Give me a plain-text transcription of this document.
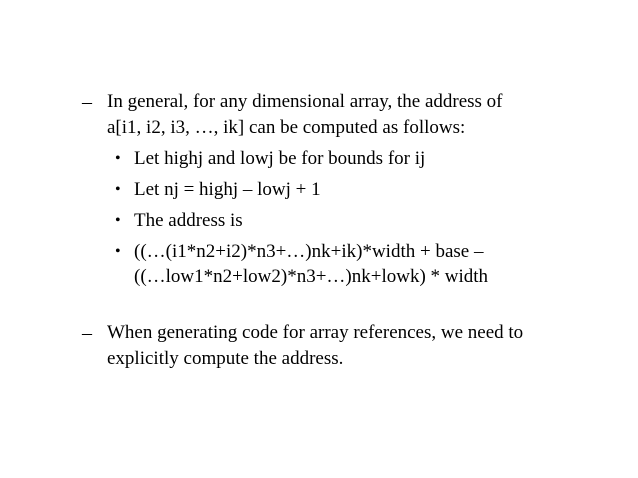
– In general, for any dimensional array, the address of
a[i1, i2, i3, …, ik] can be computed as follows:
• Let highj and lowj be for bounds for ij
• Let nj = highj – lowj + 1
• The address is
• ((…(i1*n2+i2)*n3+…)nk+ik)*width + base –
((…low1*n2+low2)*n3+…)nk+lowk) * width
– When generating code for array references, we need to
explicitly compute the address.
